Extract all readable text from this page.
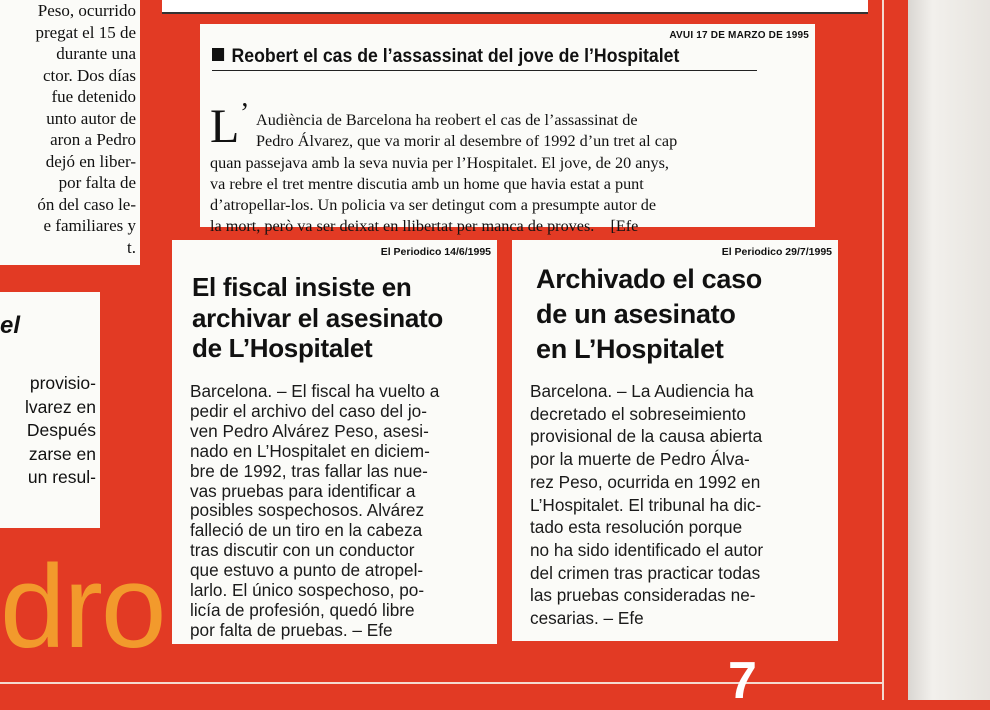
Peso, ocurrido

pregat el 15 de

durante una

ctor. Dos días

fue detenido

unto autor de

aron a Pedro

dejó en liber-

por falta de

ón del caso le-

e familiares y

t.

el
provisio-
lvarez en
Después
zarse en
un resul-
dro
7
AVUI 17 DE MARZO DE 1995
Reobert el cas de l’assassinat del jove de l’Hospitalet
L ’ Audiència de Barcelona ha reobert el cas de l’assassinat de
Pedro Álvarez, que va morir al desembre of 1992 d’un tret al cap
quan passejava amb la seva nuvia per l’Hospitalet. El jove, de 20 anys,
va rebre el tret mentre discutia amb un home que havia estat a punt
d’atropellar-los. Un policia va ser detingut com a presumpte autor de
la mort, però va ser deixat en llibertat per manca de proves.    [Efe
El Periodico 14/6/1995
El fiscal insiste en
archivar el asesinato
de L’Hospitalet
Barcelona. – El fiscal ha vuelto a
pedir el archivo del caso del jo-
ven Pedro Alvárez Peso, asesi-
nado en L’Hospitalet en diciem-
bre de 1992, tras fallar las nue-
vas pruebas para identificar a
posibles sospechosos. Alvárez
falleció de un tiro en la cabeza
tras discutir con un conductor
que estuvo a punto de atropel-
larlo. El único sospechoso, po-
licía de profesión, quedó libre
por falta de pruebas. – Efe
El Periodico 29/7/1995
Archivado el caso
de un asesinato
en L’Hospitalet
Barcelona. – La Audiencia ha
decretado el sobreseimiento
provisional de la causa abierta
por la muerte de Pedro Álva-
rez Peso, ocurrida en 1992 en
L’Hospitalet. El tribunal ha dic-
tado esta resolución porque
no ha sido identificado el autor
del crimen tras practicar todas
las pruebas consideradas ne-
cesarias. – Efe
